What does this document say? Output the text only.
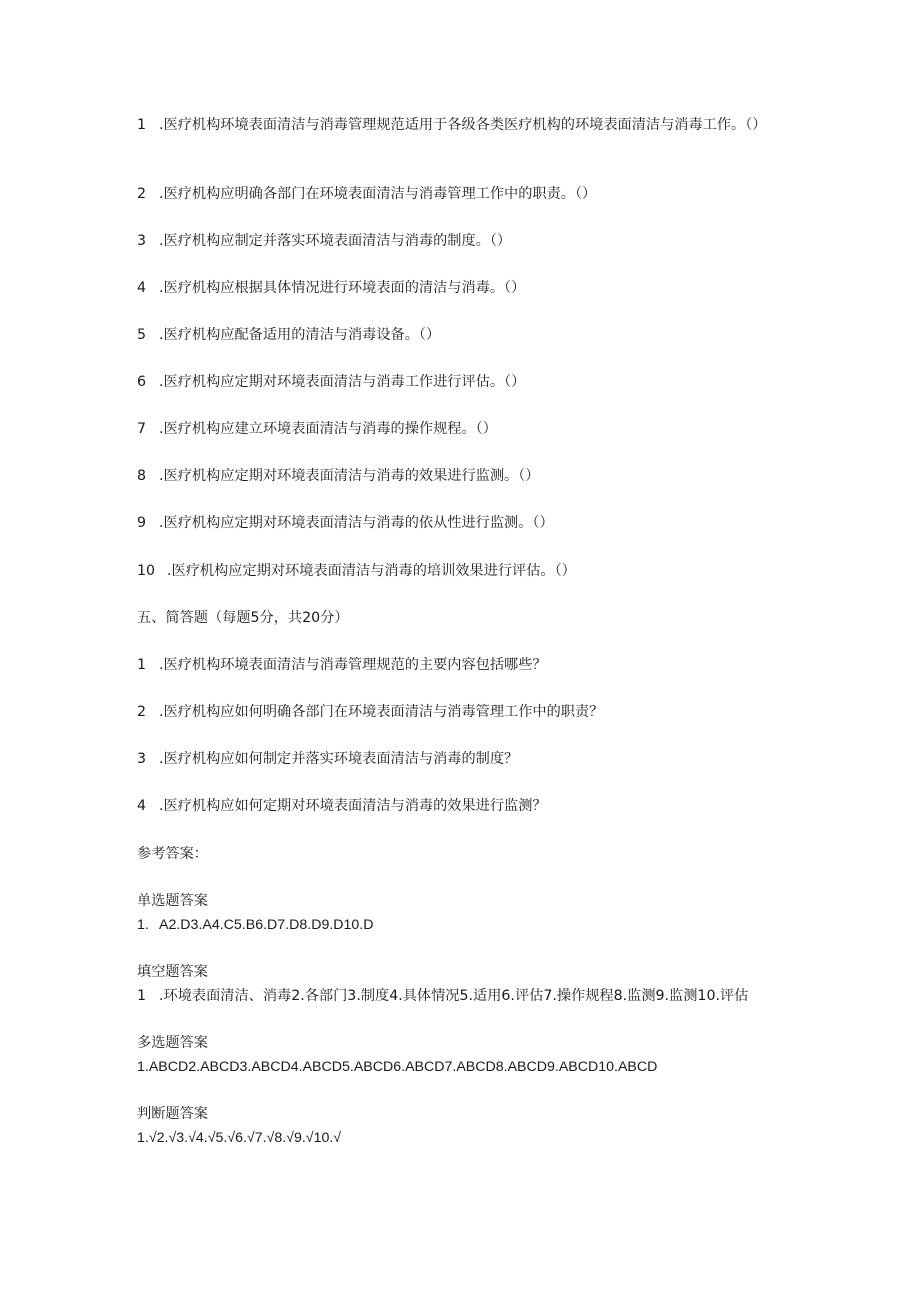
1 .医疗机构环境表面清洁与消毒管理规范适用于各级各类医疗机构的环境表面清洁与消毒工作。（）
2 .医疗机构应明确各部门在环境表面清洁与消毒管理工作中的职责。（）
3 .医疗机构应制定并落实环境表面清洁与消毒的制度。（）
4 .医疗机构应根据具体情况进行环境表面的清洁与消毒。（）
5 .医疗机构应配备适用的清洁与消毒设备。（）
6 .医疗机构应定期对环境表面清洁与消毒工作进行评估。（）
7 .医疗机构应建立环境表面清洁与消毒的操作规程。（）
8 .医疗机构应定期对环境表面清洁与消毒的效果进行监测。（）
9 .医疗机构应定期对环境表面清洁与消毒的依从性进行监测。（）
10 .医疗机构应定期对环境表面清洁与消毒的培训效果进行评估。（）
五、简答题（每题5分，共20分）
1 .医疗机构环境表面清洁与消毒管理规范的主要内容包括哪些？
2 .医疗机构应如何明确各部门在环境表面清洁与消毒管理工作中的职责？
3 .医疗机构应如何制定并落实环境表面清洁与消毒的制度？
4 .医疗机构应如何定期对环境表面清洁与消毒的效果进行监测？
参考答案：
单选题答案
1. A2.D3.A4.C5.B6.D7.D8.D9.D10.D
填空题答案
1 .环境表面清洁、消毒2.各部门3.制度4.具体情况5.适用6.评估7.操作规程8.监测9.监测10.评估
多选题答案
1.ABCD2.ABCD3.ABCD4.ABCD5.ABCD6.ABCD7.ABCD8.ABCD9.ABCD10.ABCD
判断题答案
1.√2.√3.√4.√5.√6.√7.√8.√9.√10.√
